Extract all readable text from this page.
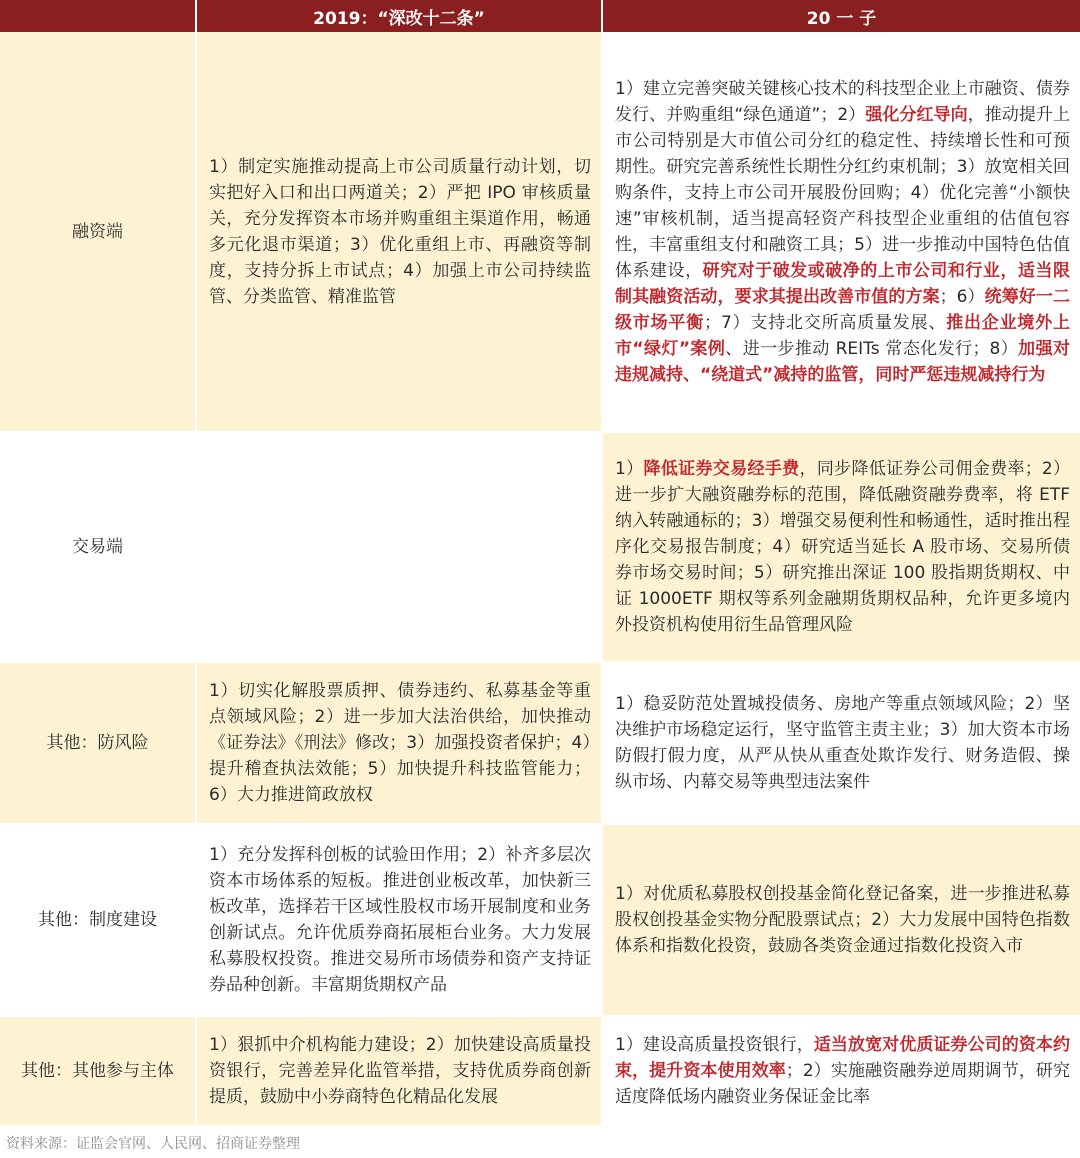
	2019：“深改十二条”	20 一 子
融资端	1）制定实施推动提高上市公司质量行动计划，切实把好入口和出口两道关；2）严把 IPO 审核质量关，充分发挥资本市场并购重组主渠道作用，畅通多元化退市渠道；3）优化重组上市、再融资等制度，支持分拆上市试点；4）加强上市公司持续监管、分类监管、精准监管	1）建立完善突破关键核心技术的科技型企业上市融资、债券发行、并购重组“绿色通道”；2）强化分红导向，推动提升上市公司特别是大市值公司分红的稳定性、持续增长性和可预期性。研究完善系统性长期性分红约束机制；3）放宽相关回购条件，支持上市公司开展股份回购；4）优化完善“小额快速”审核机制，适当提高轻资产科技型企业重组的估值包容性，丰富重组支付和融资工具；5）进一步推动中国特色估值体系建设，研究对于破发或破净的上市公司和行业，适当限制其融资活动，要求其提出改善市值的方案；6）统筹好一二级市场平衡；7）支持北交所高质量发展、推出企业境外上市“绿灯”案例、进一步推动 REITs 常态化发行；8）加强对违规减持、“绕道式”减持的监管，同时严惩违规减持行为
交易端		1）降低证券交易经手费，同步降低证券公司佣金费率；2）进一步扩大融资融券标的范围，降低融资融券费率，将 ETF 纳入转融通标的；3）增强交易便利性和畅通性，适时推出程序化交易报告制度；4）研究适当延长 A 股市场、交易所债券市场交易时间；5）研究推出深证 100 股指期货期权、中证 1000ETF 期权等系列金融期货期权品种，允许更多境内外投资机构使用衍生品管理风险
其他：防风险	1）切实化解股票质押、债券违约、私募基金等重点领域风险；2）进一步加大法治供给，加快推动《证券法》《刑法》修改；3）加强投资者保护；4）提升稽查执法效能；5）加快提升科技监管能力；6）大力推进简政放权	1）稳妥防范处置城投债务、房地产等重点领域风险；2）坚决维护市场稳定运行，坚守监管主责主业；3）加大资本市场防假打假力度，从严从快从重查处欺诈发行、财务造假、操纵市场、内幕交易等典型违法案件
其他：制度建设	1）充分发挥科创板的试验田作用；2）补齐多层次资本市场体系的短板。推进创业板改革，加快新三板改革，选择若干区域性股权市场开展制度和业务创新试点。允许优质券商拓展柜台业务。大力发展私募股权投资。推进交易所市场债券和资产支持证券品种创新。丰富期货期权产品	1）对优质私募股权创投基金简化登记备案，进一步推进私募股权创投基金实物分配股票试点；2）大力发展中国特色指数体系和指数化投资，鼓励各类资金通过指数化投资入市
其他：其他参与主体	1）狠抓中介机构能力建设；2）加快建设高质量投资银行，完善差异化监管举措，支持优质券商创新提质，鼓励中小券商特色化精品化发展	1）建设高质量投资银行，适当放宽对优质证券公司的资本约束，提升资本使用效率；2）实施融资融券逆周期调节，研究适度降低场内融资业务保证金比率
资料来源：证监会官网、人民网、招商证券整理
